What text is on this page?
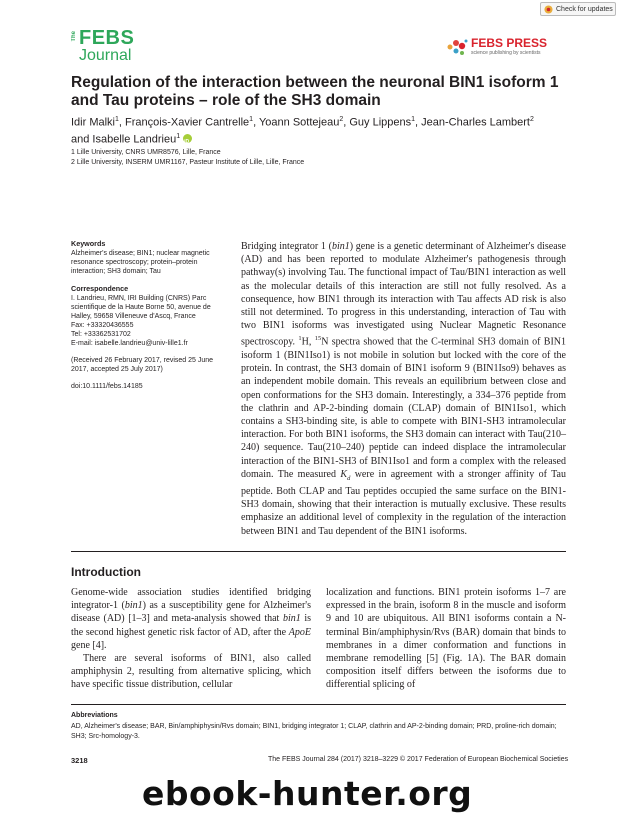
Check for updates
The FEBS
Journal
FEBS PRESS
science publishing by scientists
Regulation of the interaction between the neuronal BIN1 isoform 1 and Tau proteins – role of the SH3 domain
Idir Malki$^1$, François-Xavier Cantrelle$^1$, Yoann Sottejeau$^2$, Guy Lippens$^1$, Jean-Charles Lambert$^2$
and Isabelle Landrieu$^1$iD
1 Lille University, CNRS UMR8576, Lille, France
2 Lille University, INSERM UMR1167, Pasteur Institute of Lille, Lille, France
Keywords

Alzheimer's disease; BIN1; nuclear magnetic resonance spectroscopy; protein–protein interaction; SH3 domain; Tau

Correspondence

I. Landrieu, RMN, IRI Building (CNRS) Parc scientifique de la Haute Borne 50, avenue de Halley, 59658 Villeneuve d'Ascq, France

Fax: +33320436555

Tel: +33362531702

E-mail: isabelle.landrieu@univ-lille1.fr

(Received 26 February 2017, revised 25 June 2017, accepted 25 July 2017)

doi:10.1111/febs.14185

Bridging integrator 1 (bin1) gene is a genetic determinant of Alzheimer's disease (AD) and has been reported to modulate Alzheimer's pathogenesis through pathway(s) involving Tau. The functional impact of Tau/BIN1 interaction as well as the molecular details of this interaction are still not fully resolved. As a consequence, how BIN1 through its interaction with Tau affects AD risk is also still not determined. To progress in this understanding, interaction of Tau with two BIN1 isoforms was investigated using Nuclear Magnetic Resonance spectroscopy. $^1$H, $^{15}$N spectra showed that the C-terminal SH3 domain of BIN1 isoform 1 (BIN1Iso1) is not mobile in solution but locked with the core of the protein. In contrast, the SH3 domain of BIN1 isoform 9 (BIN1Iso9) behaves as an independent mobile domain. This reveals an equilibrium between close and open conformations for the SH3 domain. Interestingly, a 334–376 peptide from the clathrin and AP-2-binding domain (CLAP) domain of BIN1Iso1, which contains a SH3-binding site, is able to compete with BIN1-SH3 intramolecular interaction. For both BIN1 isoforms, the SH3 domain can interact with Tau(210–240) sequence. Tau(210–240) peptide can indeed displace the intramolecular interaction of the BIN1-SH3 of BIN1Iso1 and form a complex with the released domain. The measured $K_d$ were in agreement with a stronger affinity of Tau peptide. Both CLAP and Tau peptides occupied the same surface on the BIN1-SH3 domain, showing that their interaction is mutually exclusive. These results emphasize an additional level of complexity in the regulation of the interaction between BIN1 and Tau dependent of the BIN1 isoforms.
Introduction

Genome-wide association studies identified bridging integrator-1 (bin1) as a susceptibility gene for Alzheimer's disease (AD) [1–3] and meta-analysis showed that bin1 is the second highest genetic risk factor of AD, after the ApoE gene [4].

There are several isoforms of BIN1, also called amphiphysin 2, resulting from alternative splicing, which have specific tissue distribution, cellular

localization and functions. BIN1 protein isoforms 1–7 are expressed in the brain, isoform 8 in the muscle and isoform 9 and 10 are ubiquitous. All BIN1 isoforms contain a N-terminal Bin/amphiphysin/Rvs (BAR) domain that binds to membranes in a dimer conformation and functions in membrane remodelling [5] (Fig. 1A). The BAR domain composition itself differs between the isoforms due to differential splicing of

Abbreviations
AD, Alzheimer's disease; BAR, Bin/amphiphysin/Rvs domain; BIN1, bridging integrator 1; CLAP, clathrin and AP-2-binding domain; PRD, proline-rich domain; SH3; Src-homology-3.
3218	The FEBS Journal 284 (2017) 3218–3229 © 2017 Federation of European Biochemical Societies
ebook-hunter.org
